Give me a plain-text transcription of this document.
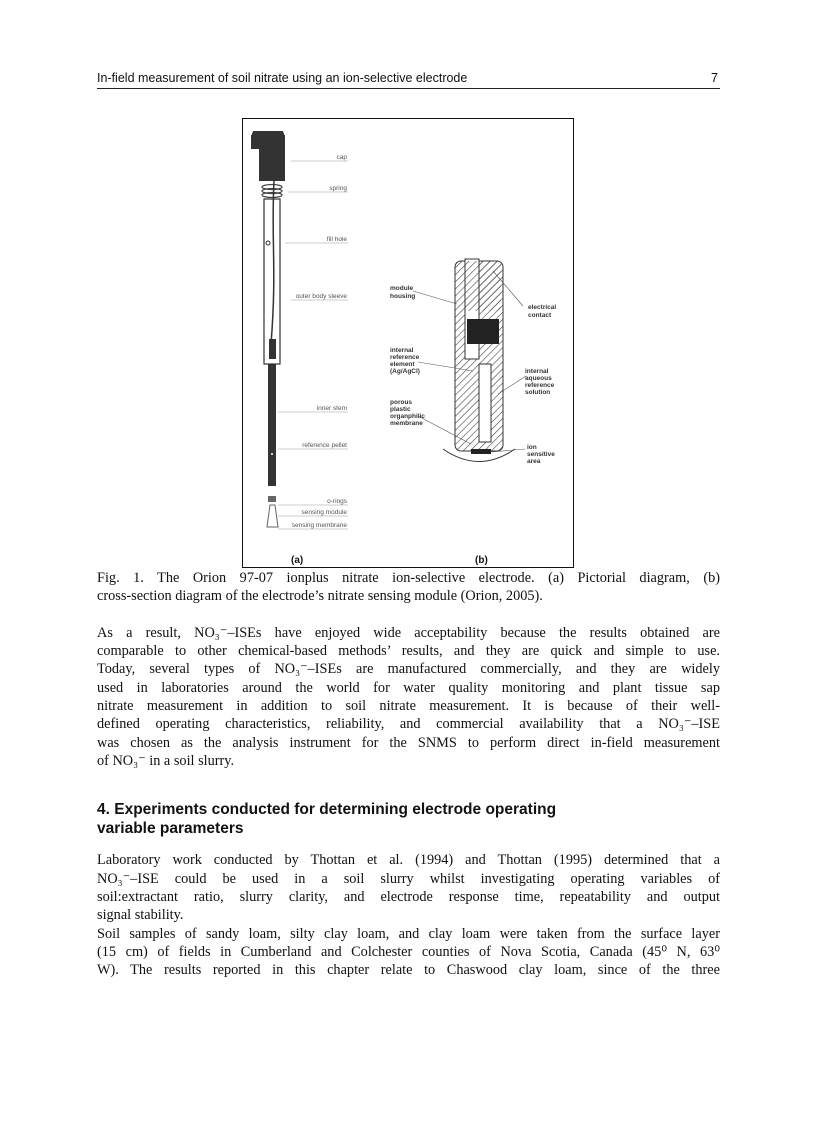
In-field measurement of soil nitrate using an ion-selective electrode	7
cap
spring
fill hole
outer body sleeve
inner stem
reference pellet
o-rings
sensing module
sensing membrane
module
housing
electrical
contact
internal
reference
element
(Ag/AgCl)	internal
aqueous
reference
solution
porous
plastic
organphilic
membrane
ion
sensitive
area
(a)	(b)
Fig. 1. The Orion 97-07 ionplus nitrate ion-selective electrode. (a) Pictorial diagram, (b)
cross-section diagram of the electrode’s nitrate sensing module (Orion, 2005).
As a result, NO₃⁻–ISEs have enjoyed wide acceptability because the results obtained are
comparable to other chemical-based methods’ results, and they are quick and simple to use.
Today, several types of NO₃⁻–ISEs are manufactured commercially, and they are widely
used in laboratories around the world for water quality monitoring and plant tissue sap
nitrate measurement in addition to soil nitrate measurement. It is because of their well-
defined operating characteristics, reliability, and commercial availability that a NO₃⁻–ISE
was chosen as the analysis instrument for the SNMS to perform direct in-field measurement
of NO₃⁻ in a soil slurry.
4. Experiments conducted for determining electrode operating
variable parameters
Laboratory work conducted by Thottan et al. (1994) and Thottan (1995) determined that a
NO₃⁻–ISE could be used in a soil slurry whilst investigating operating variables of
soil:extractant ratio, slurry clarity, and electrode response time, repeatability and output
signal stability.
Soil samples of sandy loam, silty clay loam, and clay loam were taken from the surface layer
(15 cm) of fields in Cumberland and Colchester counties of Nova Scotia, Canada (45⁰ N, 63⁰
W). The results reported in this chapter relate to Chaswood clay loam, since of the three
